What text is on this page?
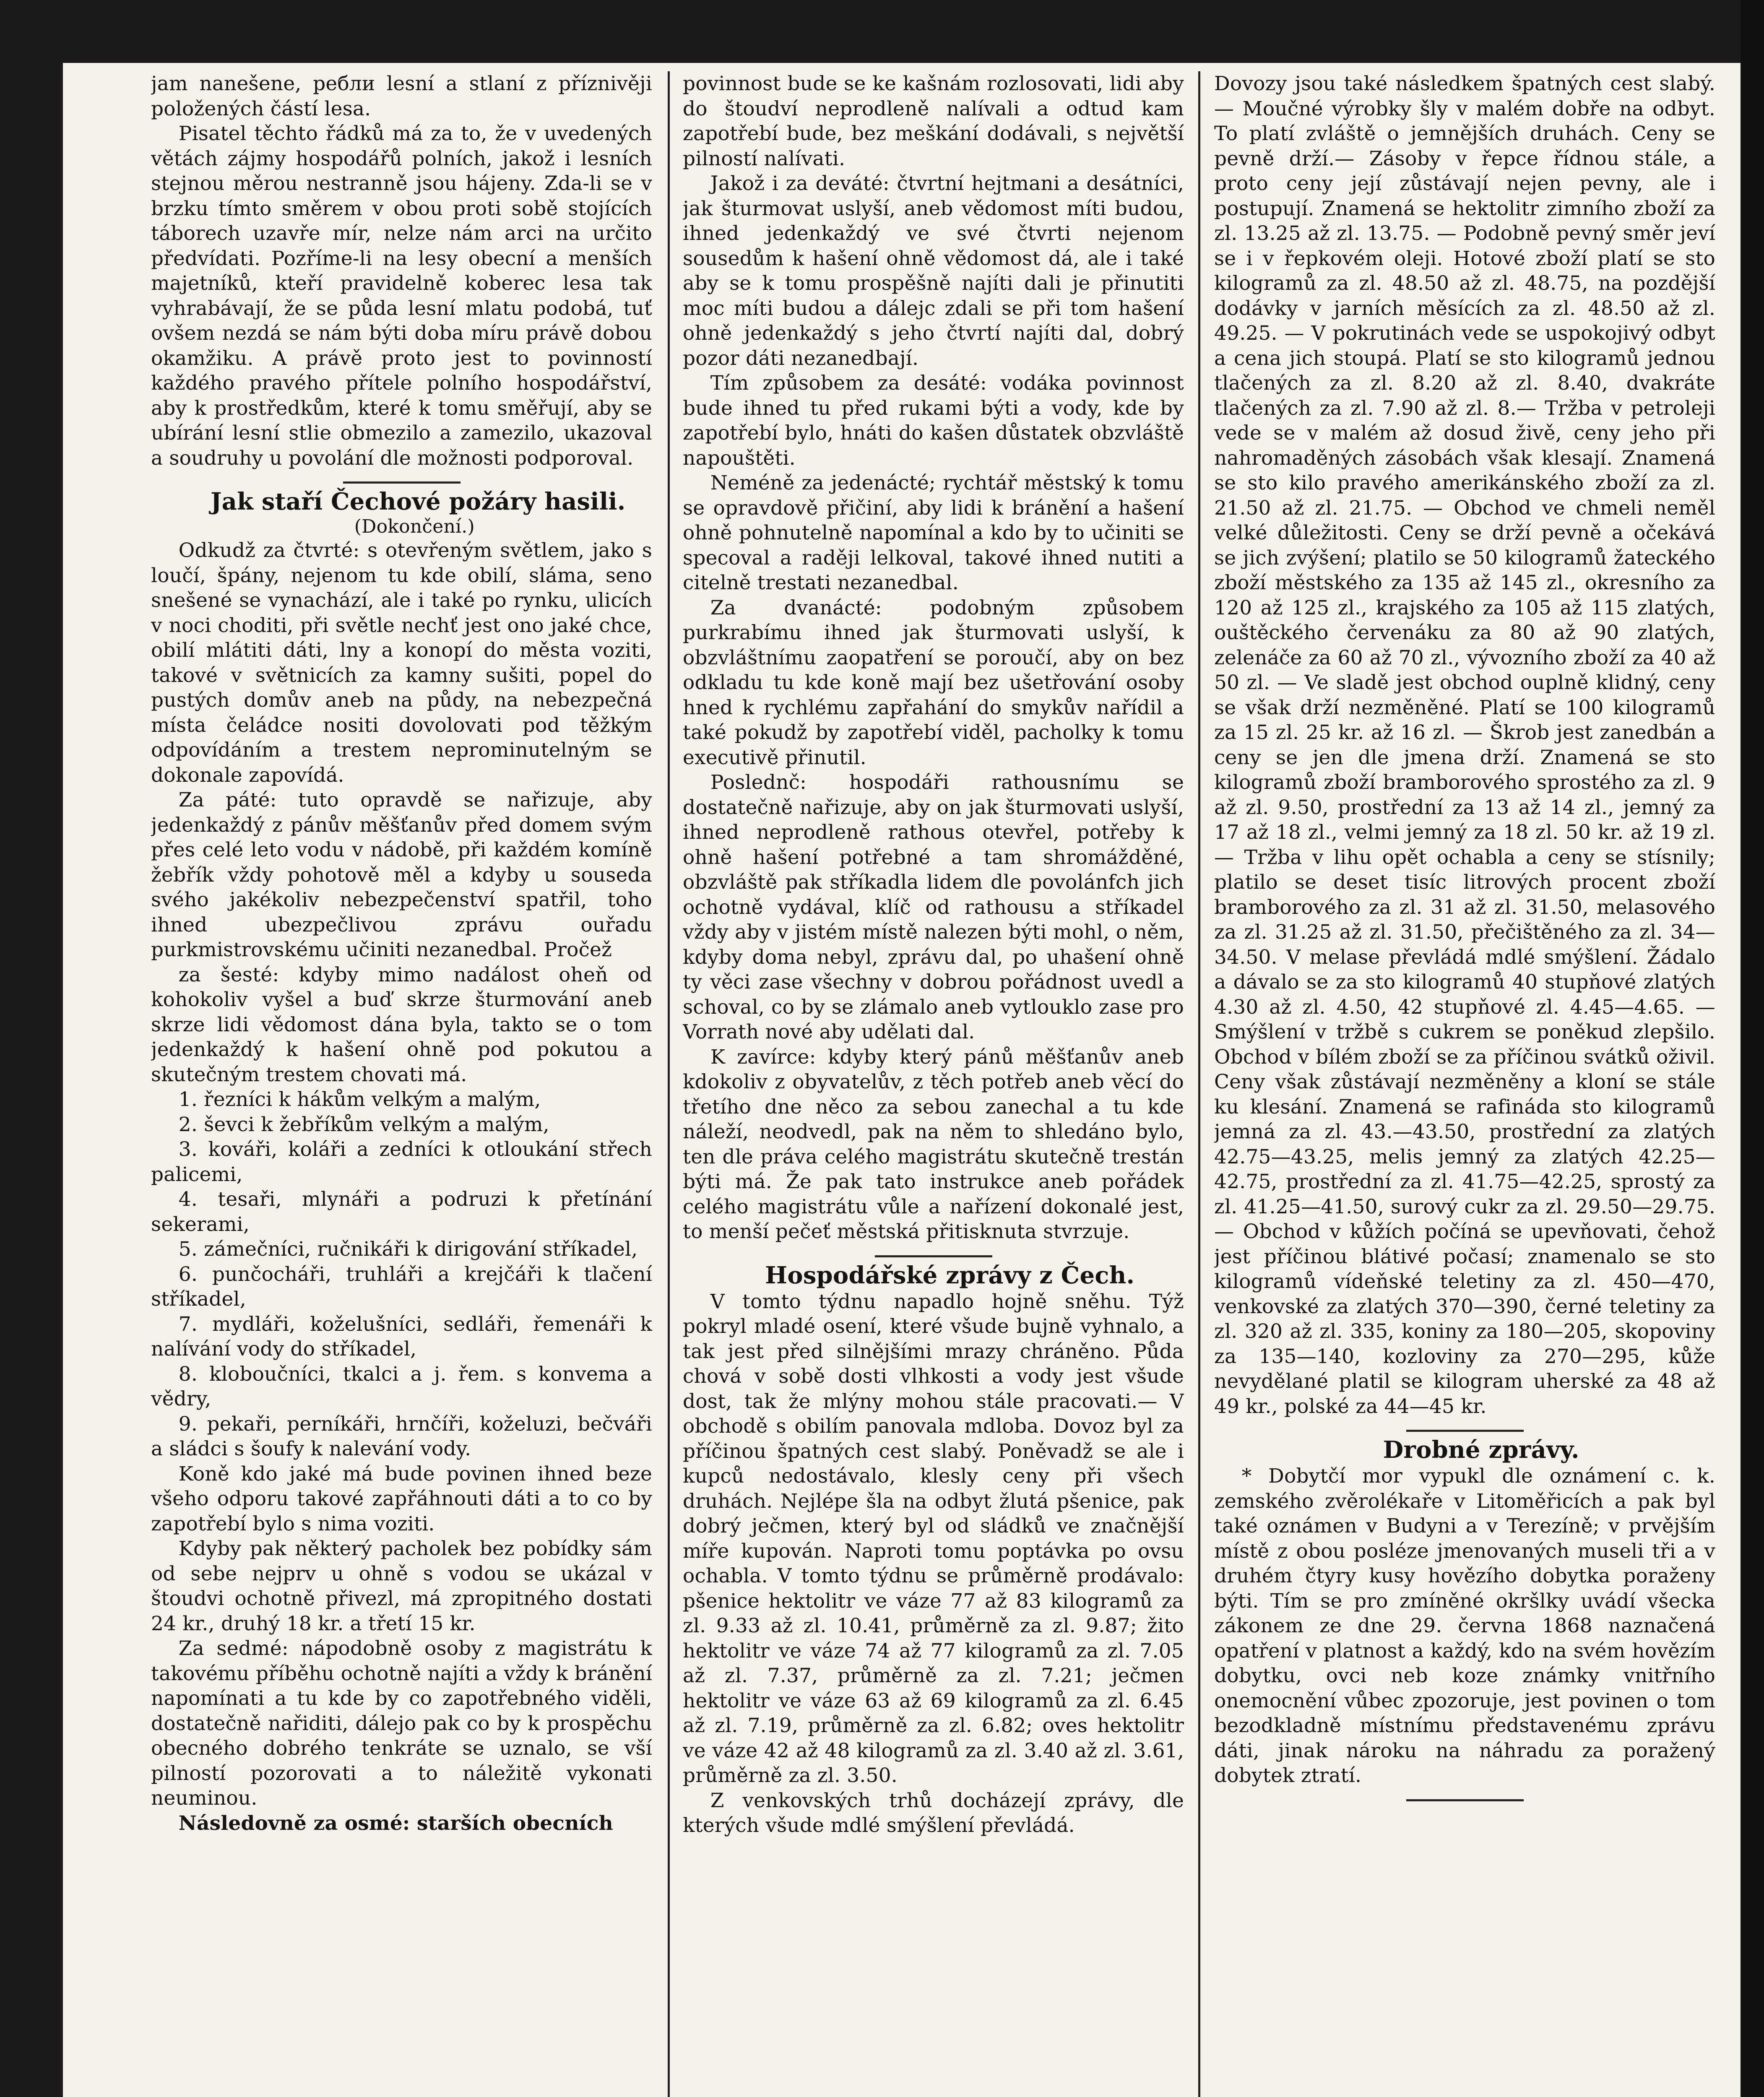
jam nanešene, ребли lesní a stlaní z příznivěji položených částí lesa.

Pisatel těchto řádků má za to, že v uvedených větách zájmy hospodářů polních, jakož i lesních stejnou měrou nestranně jsou hájeny. Zda-li se v brzku tímto směrem v obou proti sobě stojících táborech uzavře mír, nelze nám arci na určito předvídati. Pozříme-li na lesy obecní a menších majetníků, kteří pravidelně koberec lesa tak vyhrabávají, že se půda lesní mlatu podobá, tuť ovšem nezdá se nám býti doba míru právě dobou okamžiku. A právě proto jest to povinností každého pravého přítele polního hospodářství, aby k prostředkům, které k tomu směřují, aby se ubírání lesní stlie obmezilo a zamezilo, ukazoval a soudruhy u povolání dle možnosti podporoval.

Jak staří Čechové požáry hasili.

(Dokončení.)

Odkudž za čtvrté: s otevřeným světlem, jako s loučí, špány, nejenom tu kde obilí, sláma, seno snešené se vynachází, ale i také po rynku, ulicích v noci choditi, při světle nechť jest ono jaké chce, obilí mlátiti dáti, lny a konopí do města voziti, takové v světnicích za kamny sušiti, popel do pustých domův aneb na půdy, na nebezpečná místa čeládce nositi dovolovati pod těžkým odpovídáním a trestem neprominutelným se dokonale zapovídá.

Za páté: tuto opravdě se nařizuje, aby jedenkaždý z pánův měšťanův před domem svým přes celé leto vodu v nádobě, při každém komíně žebřík vždy pohotově měl a kdyby u souseda svého jakékoliv nebezpečenství spatřil, toho ihned ubezpečlivou zprávu ouřadu purkmistrovskému učiniti nezanedbal. Pročež

za šesté: kdyby mimo nadálost oheň od kohokoliv vyšel a buď skrze šturmování aneb skrze lidi vědomost dána byla, takto se o tom jedenkaždý k hašení ohně pod pokutou a skutečným trestem chovati má.

1. řezníci k hákům velkým a malým,
2. ševci k žebříkům velkým a malým,
3. kováři, koláři a zedníci k otloukání střech palicemi,
4. tesaři, mlynáři a podruzi k přetínání sekerami,
5. zámečníci, ručnikáři k dirigování stříkadel,
6. punčocháři, truhláři a krejčáři k tlačení stříkadel,
7. mydláři, koželušníci, sedláři, řemenáři k nalívání vody do stříkadel,
8. kloboučníci, tkalci a j. řem. s konvema a vědry,
9. pekaři, perníkáři, hrnčíři, koželuzi, bečváři a sládci s šoufy k nalevání vody.

Koně kdo jaké má bude povinen ihned beze všeho odporu takové zapřáhnouti dáti a to co by zapotřebí bylo s nima voziti.

Kdyby pak některý pacholek bez pobídky sám od sebe nejprv u ohně s vodou se ukázal v štoudvi ochotně přivezl, má zpropitného dostati 24 kr., druhý 18 kr. a třetí 15 kr.

Za sedmé: nápodobně osoby z magistrátu k takovému příběhu ochotně najíti a vždy k bránění napomínati a tu kde by co zapotřebného viděli, dostatečně nařiditi, dálejo pak co by k prospěchu obecného dobrého tenkráte se uznalo, se vší pilností pozorovati a to náležitě vykonati neuminou.

Následovně za osmé: starších obecních

povinnost bude se ke kašnám rozlosovati, lidi aby do štoudví neprodleně nalívali a odtud kam zapotřebí bude, bez meškání dodávali, s největší pilností nalívati.

Jakož i za deváté: čtvrtní hejtmani a desátníci, jak šturmovat uslyší, aneb vědomost míti budou, ihned jedenkaždý ve své čtvrti nejenom sousedům k hašení ohně vědomost dá, ale i také aby se k tomu prospěšně najíti dali je přinutiti moc míti budou a dálejc zdali se při tom hašení ohně jedenkaždý s jeho čtvrtí najíti dal, dobrý pozor dáti nezanedbají.

Tím způsobem za desáté: vodáka povinnost bude ihned tu před rukami býti a vody, kde by zapotřebí bylo, hnáti do kašen důstatek obzvláště napouštěti.

Neméně za jedenácté; rychtář městský k tomu se opravdově přičiní, aby lidi k bránění a hašení ohně pohnutelně napomínal a kdo by to učiniti se specoval a raději lelkoval, takové ihned nutiti a citelně trestati nezanedbal.

Za dvanácté: podobným způsobem purkrabímu ihned jak šturmovati uslyší, k obzvláštnímu zaopatření se poroučí, aby on bez odkladu tu kde koně mají bez ušetřování osoby hned k rychlému zapřahání do smykův nařídil a také pokudž by zapotřebí viděl, pacholky k tomu executivě přinutil.

Poslednč: hospodáři rathousnímu se dostatečně nařizuje, aby on jak šturmovati uslyší, ihned neprodleně rathous otevřel, potřeby k ohně hašení potřebné a tam shromážděné, obzvláště pak stříkadla lidem dle povolánfch jich ochotně vydával, klíč od rathousu a stříkadel vždy aby v jistém místě nalezen býti mohl, o něm, kdyby doma nebyl, zprávu dal, po uhašení ohně ty věci zase všechny v dobrou pořádnost uvedl a schoval, co by se zlámalo aneb vytlouklo zase pro Vorrath nové aby udělati dal.

K zavírce: kdyby který pánů měšťanův aneb kdokoliv z obyvatelův, z těch potřeb aneb věcí do třetího dne něco za sebou zanechal a tu kde náleží, neodvedl, pak na něm to shledáno bylo, ten dle práva celého magistrátu skutečně trestán býti má. Že pak tato instrukce aneb pořádek celého magistrátu vůle a nařízení dokonalé jest, to menší pečeť městská přitisknuta stvrzuje.

Hospodářské zprávy z Čech.

V tomto týdnu napadlo hojně sněhu. Týž pokryl mladé osení, které všude bujně vyhnalo, a tak jest před silnějšími mrazy chráněno. Půda chová v sobě dosti vlhkosti a vody jest všude dost, tak že mlýny mohou stále pracovati.— V obchodě s obilím panovala mdloba. Dovoz byl za příčinou špatných cest slabý. Poněvadž se ale i kupců nedostávalo, klesly ceny při všech druhách. Nejlépe šla na odbyt žlutá pšenice, pak dobrý ječmen, který byl od sládků ve značnější míře kupován. Naproti tomu poptávka po ovsu ochabla. V tomto týdnu se průměrně prodávalo: pšenice hektolitr ve váze 77 až 83 kilogramů za zl. 9.33 až zl. 10.41, průměrně za zl. 9.87; žito hektolitr ve váze 74 až 77 kilogramů za zl. 7.05 až zl. 7.37, průměrně za zl. 7.21; ječmen hektolitr ve váze 63 až 69 kilogramů za zl. 6.45 až zl. 7.19, průměrně za zl. 6.82; oves hektolitr ve váze 42 až 48 kilogramů za zl. 3.40 až zl. 3.61, průměrně za zl. 3.50.

Z venkovských trhů docházejí zprávy, dle kterých všude mdlé smýšlení převládá.

Dovozy jsou také následkem špatných cest slabý.— Moučné výrobky šly v malém dobře na odbyt. To platí zvláště o jemnějších druhách. Ceny se pevně drží.— Zásoby v řepce řídnou stále, a proto ceny její zůstávají nejen pevny, ale i postupují. Znamená se hektolitr zimního zboží za zl. 13.25 až zl. 13.75. — Podobně pevný směr jeví se i v řepkovém oleji. Hotové zboží platí se sto kilogramů za zl. 48.50 až zl. 48.75, na pozdější dodávky v jarních měsících za zl. 48.50 až zl. 49.25. — V pokrutinách vede se uspokojivý odbyt a cena jich stoupá. Platí se sto kilogramů jednou tlačených za zl. 8.20 až zl. 8.40, dvakráte tlačených za zl. 7.90 až zl. 8.— Tržba v petroleji vede se v malém až dosud živě, ceny jeho při nahromaděných zásobách však klesají. Znamená se sto kilo pravého amerikánského zboží za zl. 21.50 až zl. 21.75. — Obchod ve chmeli neměl velké důležitosti. Ceny se drží pevně a očekává se jich zvýšení; platilo se 50 kilogramů žateckého zboží městského za 135 až 145 zl., okresního za 120 až 125 zl., krajského za 105 až 115 zlatých, ouštěckého červenáku za 80 až 90 zlatých, zelenáče za 60 až 70 zl., vývozního zboží za 40 až 50 zl. — Ve sladě jest obchod ouplně klidný, ceny se však drží nezměněné. Platí se 100 kilogramů za 15 zl. 25 kr. až 16 zl. — Škrob jest zanedbán a ceny se jen dle jmena drží. Znamená se sto kilogramů zboží bramborového sprostého za zl. 9 až zl. 9.50, prostřední za 13 až 14 zl., jemný za 17 až 18 zl., velmi jemný za 18 zl. 50 kr. až 19 zl. — Tržba v lihu opět ochabla a ceny se stísnily; platilo se deset tisíc litrových procent zboží bramborového za zl. 31 až zl. 31.50, melasového za zl. 31.25 až zl. 31.50, přečištěného za zl. 34—34.50. V melase převládá mdlé smýšlení. Žádalo a dávalo se za sto kilogramů 40 stupňové zlatých 4.30 až zl. 4.50, 42 stupňové zl. 4.45—4.65. — Smýšlení v tržbě s cukrem se poněkud zlepšilo. Obchod v bílém zboží se za příčinou svátků oživil. Ceny však zůstávají nezměněny a kloní se stále ku klesání. Znamená se rafináda sto kilogramů jemná za zl. 43.—43.50, prostřední za zlatých 42.75—43.25, melis jemný za zlatých 42.25—42.75, prostřední za zl. 41.75—42.25, sprostý za zl. 41.25—41.50, surový cukr za zl. 29.50—29.75. — Obchod v kůžích počíná se upevňovati, čehož jest příčinou blátivé počasí; znamenalo se sto kilogramů vídeňské teletiny za zl. 450—470, venkovské za zlatých 370—390, černé teletiny za zl. 320 až zl. 335, koniny za 180—205, skopoviny za 135—140, kozloviny za 270—295, kůže nevydělané platil se kilogram uherské za 48 až 49 kr., polské za 44—45 kr.

Drobné zprávy.

* Dobytčí mor vypukl dle oznámení c. k. zemského zvěrolékaře v Litoměřicích a pak byl také oznámen v Budyni a v Terezíně; v prvějším místě z obou posléze jmenovaných museli tři a v druhém čtyry kusy hovězího dobytka poraženy býti. Tím se pro zmíněné okršlky uvádí všecka zákonem ze dne 29. června 1868 naznačená opatření v platnost a každý, kdo na svém hovězím dobytku, ovci neb koze známky vnitřního onemocnění vůbec zpozoruje, jest povinen o tom bezodkladně místnímu představenému zprávu dáti, jinak nároku na náhradu za poražený dobytek ztratí.
